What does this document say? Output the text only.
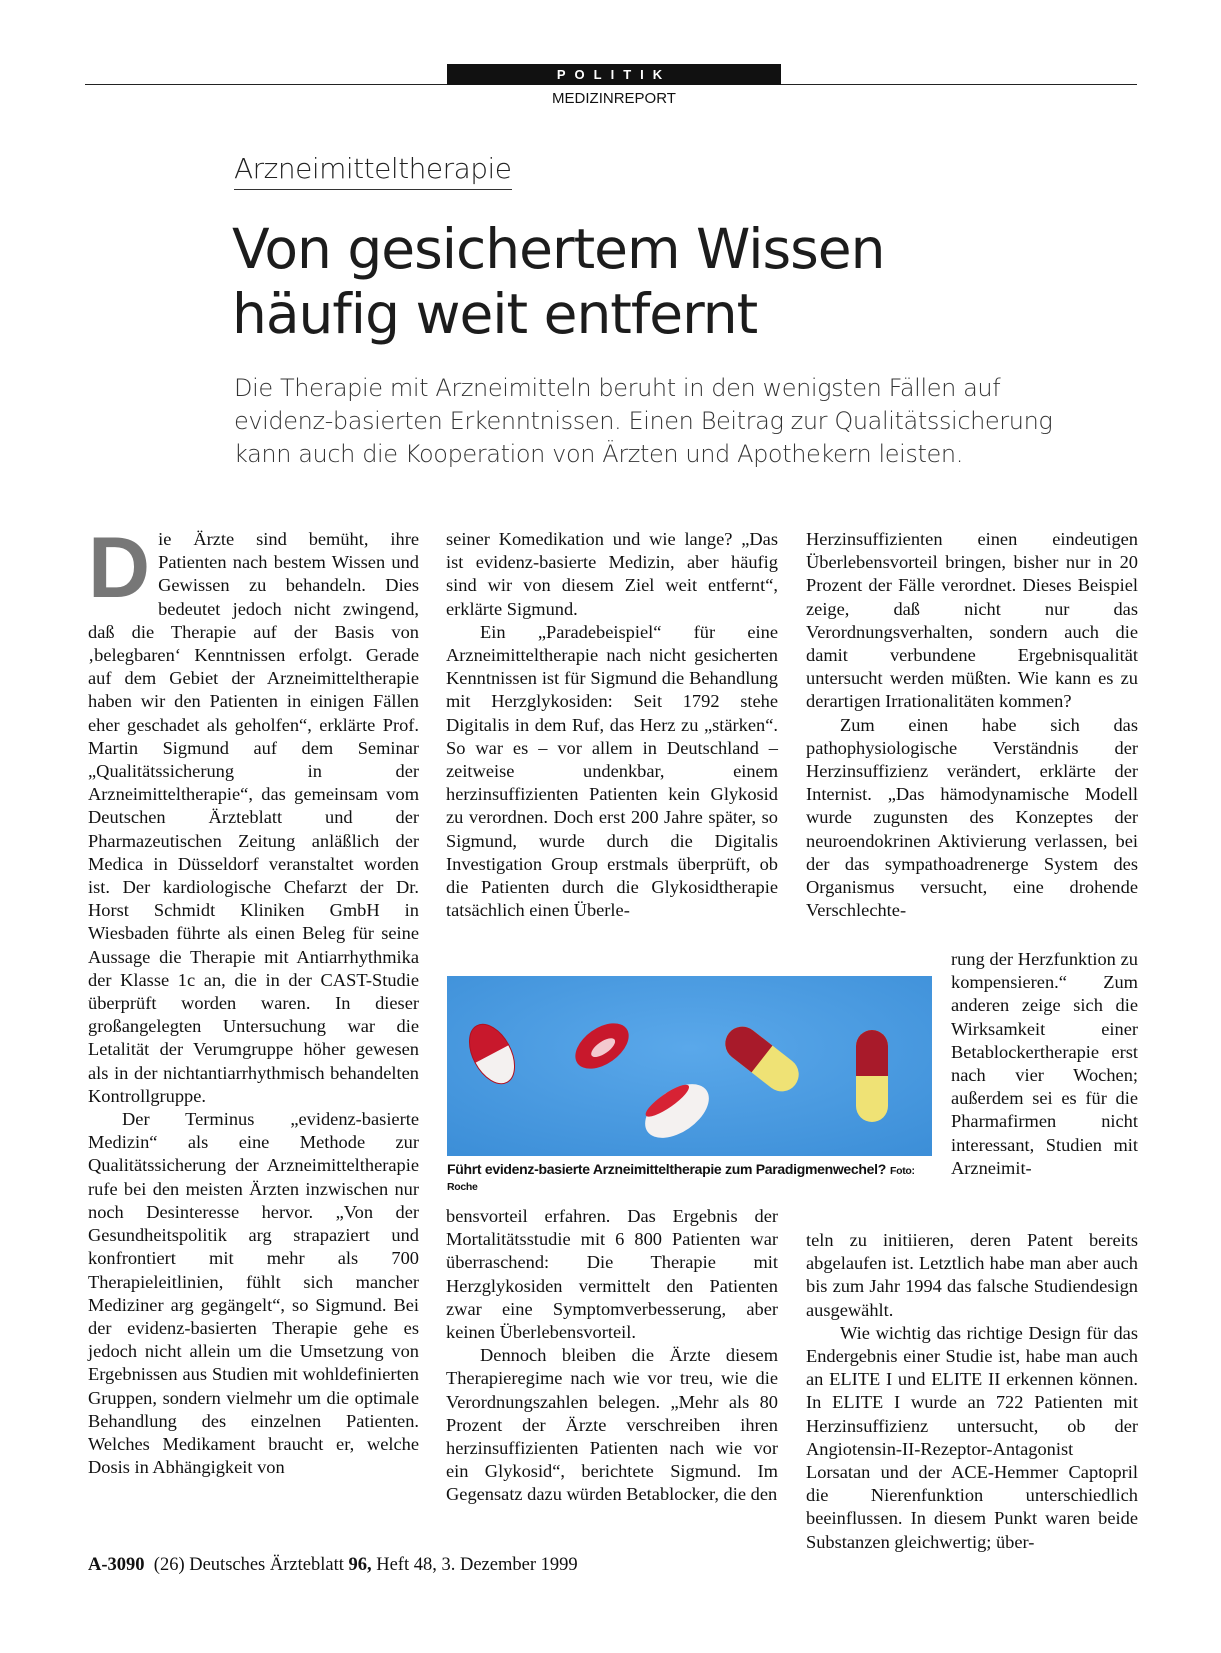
POLITIK
MEDIZINREPORT
Arzneimitteltherapie
Von gesichertem Wissen
häufig weit entfernt
Die Therapie mit Arzneimitteln beruht in den wenigsten Fällen auf evidenz-basierten Erkenntnissen. Einen Beitrag zur Qualitätssicherung kann auch die Kooperation von Ärzten und Apothekern leisten.

Die Ärzte sind bemüht, ihre Patienten nach bestem Wissen und Gewissen zu behandeln. Dies bedeutet jedoch nicht zwingend, daß die Therapie auf der Basis von ‚belegbaren‘ Kenntnissen erfolgt. Gerade auf dem Gebiet der Arzneimitteltherapie haben wir den Patienten in einigen Fällen eher geschadet als geholfen“, erklärte Prof. Martin Sigmund auf dem Seminar „Qualitätssicherung in der Arzneimitteltherapie“, das gemeinsam vom Deutschen Ärzteblatt und der Pharmazeutischen Zeitung anläßlich der Medica in Düsseldorf veranstaltet worden ist. Der kardiologische Chefarzt der Dr. Horst Schmidt Kliniken GmbH in Wiesbaden führte als einen Beleg für seine Aussage die Therapie mit Antiarrhythmika der Klasse 1c an, die in der CAST-Studie überprüft worden waren. In dieser großangelegten Untersuchung war die Letalität der Verumgruppe höher gewesen als in der nichtantiarrhythmisch behandelten Kontrollgruppe.

Der Terminus „evidenz-basierte Medizin“ als eine Methode zur Qualitätssicherung der Arzneimitteltherapie rufe bei den meisten Ärzten inzwischen nur noch Desinteresse hervor. „Von der Gesundheitspolitik arg strapaziert und konfrontiert mit mehr als 700 Therapieleitlinien, fühlt sich mancher Mediziner arg gegängelt“, so Sigmund. Bei der evidenz-basierten Therapie gehe es jedoch nicht allein um die Umsetzung von Ergebnissen aus Studien mit wohldefinierten Gruppen, sondern vielmehr um die optimale Behandlung des einzelnen Patienten. Welches Medikament braucht er, welche Dosis in Abhängigkeit von

seiner Komedikation und wie lange? „Das ist evidenz-basierte Medizin, aber häufig sind wir von diesem Ziel weit entfernt“, erklärte Sigmund.

Ein „Paradebeispiel“ für eine Arzneimitteltherapie nach nicht gesicherten Kenntnissen ist für Sigmund die Behandlung mit Herzglykosiden: Seit 1792 stehe Digitalis in dem Ruf, das Herz zu „stärken“. So war es – vor allem in Deutschland – zeitweise undenkbar, einem herzinsuffizienten Patienten kein Glykosid zu verordnen. Doch erst 200 Jahre später, so Sigmund, wurde durch die Digitalis Investigation Group erstmals überprüft, ob die Patienten durch die Glykosidtherapie tatsächlich einen Überle-

Führt evidenz-basierte Arzneimitteltherapie zum Paradigmenwechel? Foto: Roche

bensvorteil erfahren. Das Ergebnis der Mortalitätsstudie mit 6 800 Patienten war überraschend: Die Therapie mit Herzglykosiden vermittelt den Patienten zwar eine Symptomverbesserung, aber keinen Überlebensvorteil.

Dennoch bleiben die Ärzte diesem Therapieregime nach wie vor treu, wie die Verordnungszahlen belegen. „Mehr als 80 Prozent der Ärzte verschreiben ihren herzinsuffizienten Patienten nach wie vor ein Glykosid“, berichtete Sigmund. Im Gegensatz dazu würden Betablocker, die den

Herzinsuffizienten einen eindeutigen Überlebensvorteil bringen, bisher nur in 20 Prozent der Fälle verordnet. Dieses Beispiel zeige, daß nicht nur das Verordnungsverhalten, sondern auch die damit verbundene Ergebnisqualität untersucht werden müßten. Wie kann es zu derartigen Irrationalitäten kommen?

Zum einen habe sich das pathophysiologische Verständnis der Herzinsuffizienz verändert, erklärte der Internist. „Das hämodynamische Modell wurde zugunsten des Konzeptes der neuroendokrinen Aktivierung verlassen, bei der das sympathoadrenerge System des Organismus versucht, eine drohende Verschlechte-

rung der Herzfunktion zu kompensieren.“ Zum anderen zeige sich die Wirksamkeit einer Betablockertherapie erst nach vier Wochen; außerdem sei es für die Pharmafirmen nicht interessant, Studien mit Arzneimit-

teln zu initiieren, deren Patent bereits abgelaufen ist. Letztlich habe man aber auch bis zum Jahr 1994 das falsche Studiendesign ausgewählt.

Wie wichtig das richtige Design für das Endergebnis einer Studie ist, habe man auch an ELITE I und ELITE II erkennen können. In ELITE I wurde an 722 Patienten mit Herzinsuffizienz untersucht, ob der Angiotensin-II-Rezeptor-Antagonist Lorsatan und der ACE-Hemmer Captopril die Nierenfunktion unterschiedlich beeinflussen. In diesem Punkt waren beide Substanzen gleichwertig; über-

A-3090 (26) Deutsches Ärzteblatt 96, Heft 48, 3. Dezember 1999
